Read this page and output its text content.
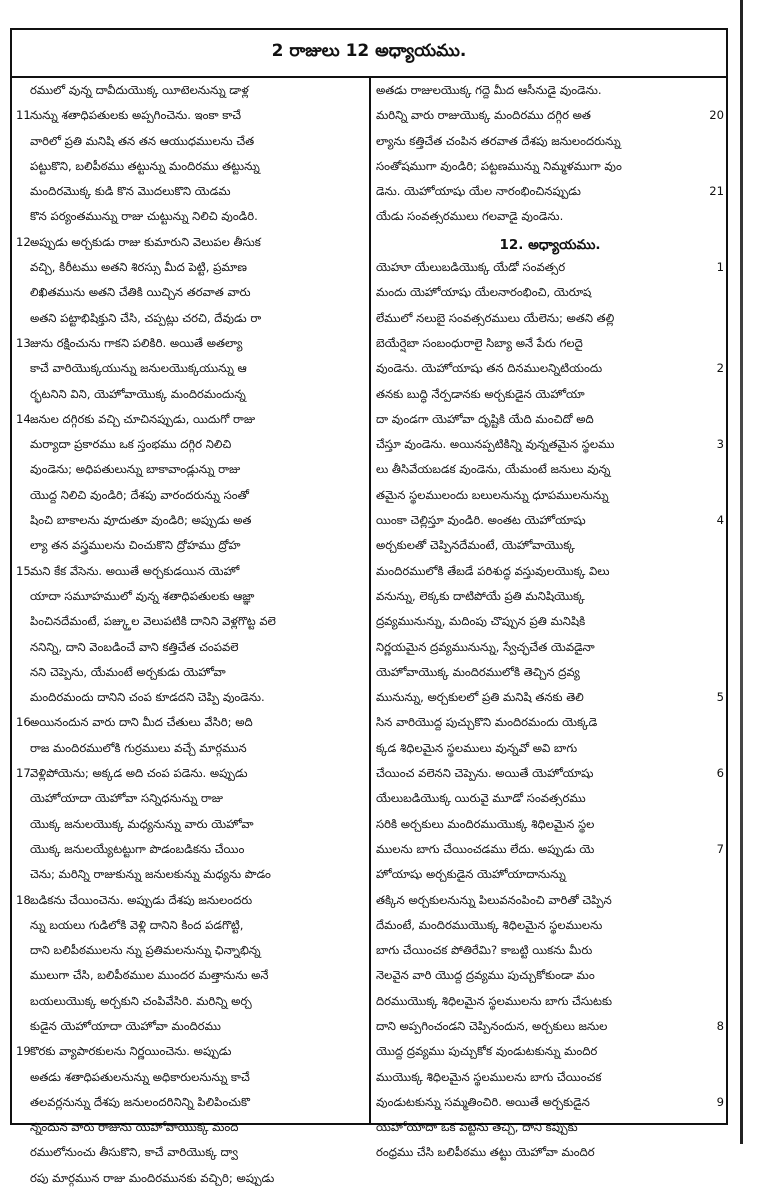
2 రాజులు 12 అధ్యాయము.
రములో వున్న దావీదుయొక్క యీటెలనున్ను డాళ్ల
11నున్ను శతాధిపతులకు అప్పగించెను. ఇంకా కాచే
వారిలో ప్రతి మనిషి తన తన ఆయుధములను చేత
పట్టుకొని, బలిపీఠము తట్టున్ను మందిరము తట్టున్ను
మందిరమెుక్క కుడి కొన మొదలుకొని యెడమ
కొన పర్యంతమున్ను రాజు చుట్టున్ను నిలిచి వుండిరి.
12అప్పుడు అర్చకుడు రాజు కుమారుని వెలుపల తీసుక
వచ్చి, కిరీటము అతని శిరస్సు మీద పెట్టి, ప్రమాణ
లిఖితమును అతని చేతికి యిచ్చిన తరవాత వారు
అతని పట్టాభిషిక్తుని చేసి, చప్పట్లు చరచి, దేవుడు రా
13జును రక్షించును గాకని పలికిరి. అయితే అతల్యా
కాచే వారియొక్కయున్ను జనులయొక్కయున్ను ఆ
ర్భటనిని విని, యెహోవాయొక్క మందిరమందున్న
14జనుల దగ్గిరకు వచ్చి చూచినప్పుడు, యిదుగో రాజు
మర్యాదా ప్రకారము ఒక స్తంభము దగ్గిర నిలిచి
వుండెను; అధిపతులున్ను బాకావాండ్లున్ను రాజు
యొద్ద నిలిచి వుండిరి; దేశపు వారందరున్ను సంతో
షించి బాకాలను వూదుతూ వుండిరి; అప్పుడు అత
ల్యా తన వస్త్రములను చించుకొని ద్రోహము ద్రోహ
15మని కేక వేసెను. అయితే అర్చకుడయిన యెహో
యాదా సమూహములో వున్న శతాధిపతులకు ఆజ్ఞా
పించినదేమంటే, పజ్క్తుల వెలుపటికి దానిని వెళ్లగొట్ట వలె
ననిన్ని, దాని వెంబడించే వాని కత్తిచేత చంపవలె
నని చెప్పెను, యేమంటే అర్చకుడు యెహోవా
మందిరమందు దానిని చంప కూడదని చెప్పి వుండెను.
16అయినందున వారు దాని మీద చేతులు వేసిరి; అది
రాజ మందిరములోకి గుర్రములు వచ్చే మార్గమున
17వెళ్లిపోయెను; అక్కడ అది చంప పడెను. అప్పుడు
యెహోయాదా యెహోవా సన్నిధనున్ను రాజు
యొక్క జనులయొక్క మధ్యనున్ను వారు యెహోవా
యొక్క జనులయ్యేటట్టుగా పొడంబడికను చేయిం
చెను; మరిన్ని రాజుకున్ను జనులకున్ను మధ్యను పొడం
18బడికను చేయించెను. అప్పుడు దేశపు జనులందరు
న్ను బయలు గుడిలోకి వెళ్లి దానిని కింద పడగొట్టి,
దాని బలిపీఠములను న్ను ప్రతిమలనున్ను ఛిన్నాభిన్న
ములుగా చేసి, బలిపీఠముల ముందర మత్తానును అనే
బయలుయొక్క అర్చకుని చంపివేసిరి. మరిన్ని అర్చ
కుడైన యెహోయాదా యెహోవా మందిరము
19కొరకు వ్యాపారకులను నిర్ణయించెను. అప్పుడు
అతడు శతాధిపతులనున్ను అధికారులనున్ను కాచే
తలవర్లనున్ను దేశపు జనులందరినిన్ని పిలిపించుకొ
న్నందున వారు రాజును యెహోవాయొక్క మంది
రములోనుంచు తీసుకొని, కాచే వారియొక్క ద్వా
రపు మార్గమున రాజు మందిరమునకు వచ్చిరి; అప్పుడు
అతడు రాజులయొక్క గద్దె మీద ఆసీనుడై వుండెను.
మరిన్ని వారు రాజుయొక్క మందిరము దగ్గిర అత	20
ల్యాను కత్తిచేత చంపిన తరవాత దేశపు జనులందరున్ను
సంతోషముగా వుండిరి; పట్టణమున్ను నిమ్మళముగా వుం
డెను. యెహోయాషు యేల నారంభించినప్పుడు	21
యేడు సంవత్సరములు గలవాడై వుండెను.
12. అధ్యాయము.
యెహూ యేలుబడియొక్క యేడో సంవత్సర	1
మందు యెహోయాషు యేలనారంభించి, యెరూష
లేములో నలుబై సంవత్సరములు యేలెను; అతని తల్లి
బెయేర్షెబా సంబంధురాలై సిబ్యా అనే పేరు గలదై
వుండెను. యెహోయాషు తన దినములన్నిటియందు	2
తనకు బుద్ధి నేర్పడానకు అర్చకుడైన యెహోయా
దా వుండగా యెహోవా దృష్టికి యేది మంచిదో అది
చేస్తూ వుండెను. అయినప్పటికిన్ని వున్నతమైన స్థలము	3
లు తీసివేయబడక వుండెను, యేమంటే జనులు వున్న
తమైన స్థలములందు బలులనున్ను ధూపములనున్ను
యింకా చెల్లిస్తూ వుండిరి. అంతట యెహోయాషు	4
అర్చకులతో చెప్పినదేమంటే, యెహోవాయొక్క
మందిరములోకి తేబడే పరిశుద్ధ వస్తువులయొక్క విలు
వనున్ను, లెక్కకు దాటిపోయే ప్రతి మనిషియొక్క
ద్రవ్యమునున్ను, మదింపు చొప్పున ప్రతి మనిషికి
నిర్ణయమైన ద్రవ్యమునున్ను, స్వేచ్ఛచేత యెవడైనా
యెహోవాయొక్క మందిరములోకి తెచ్చిన ద్రవ్య
మునున్ను, అర్చకులలో ప్రతి మనిషి తనకు తెలి	5
సిన వారియొద్ద పుచ్చుకొని మందిరమందు యెక్కడె
క్కడ శిధిలమైన స్థలములు వున్నవో అవి బాగు
చేయించ వలెనని చెప్పెను. అయితే యెహోయాషు	6
యేలుబడియొక్క యిరువై మూడో సంవత్సరము
సరికి అర్చకులు మందిరముయొక్క శిధిలమైన స్థల
ములను బాగు చేయించడము లేదు. అప్పుడు యె	7
హోయాషు అర్చకుడైన యెహోయాదానున్ను
తక్కిన అర్చకులనున్ను పిలువనంపించి వారితో చెప్పిన
దేమంటే, మందిరముయొక్క శిధిలమైన స్థలములను
బాగు చేయించక పోతిరేమి? కాబట్టి యికను మీరు
నెలవైన వారి యొద్ద ద్రవ్యము పుచ్చుకోకుండా మం
దిరముయొక్క శిధిలమైన స్థలములను బాగు చేసుటకు
దాని అప్పగించండని చెప్పినందున, అర్చకులు జనుల	8
యొద్ద ద్రవ్యము పుచ్చుకోక వుండుటకున్ను మందిర
ముయొక్క శిధిలమైన స్థలములను బాగు చేయించక
వుండుటకున్ను సమ్మతించిరి. అయితే అర్చకుడైన	9
యెహోయాదా ఒక పెట్టెను తెచ్చి, దాని కప్పుకు
రంధ్రము చేసి బలిపీఠము తట్టు యెహోవా మందిర
